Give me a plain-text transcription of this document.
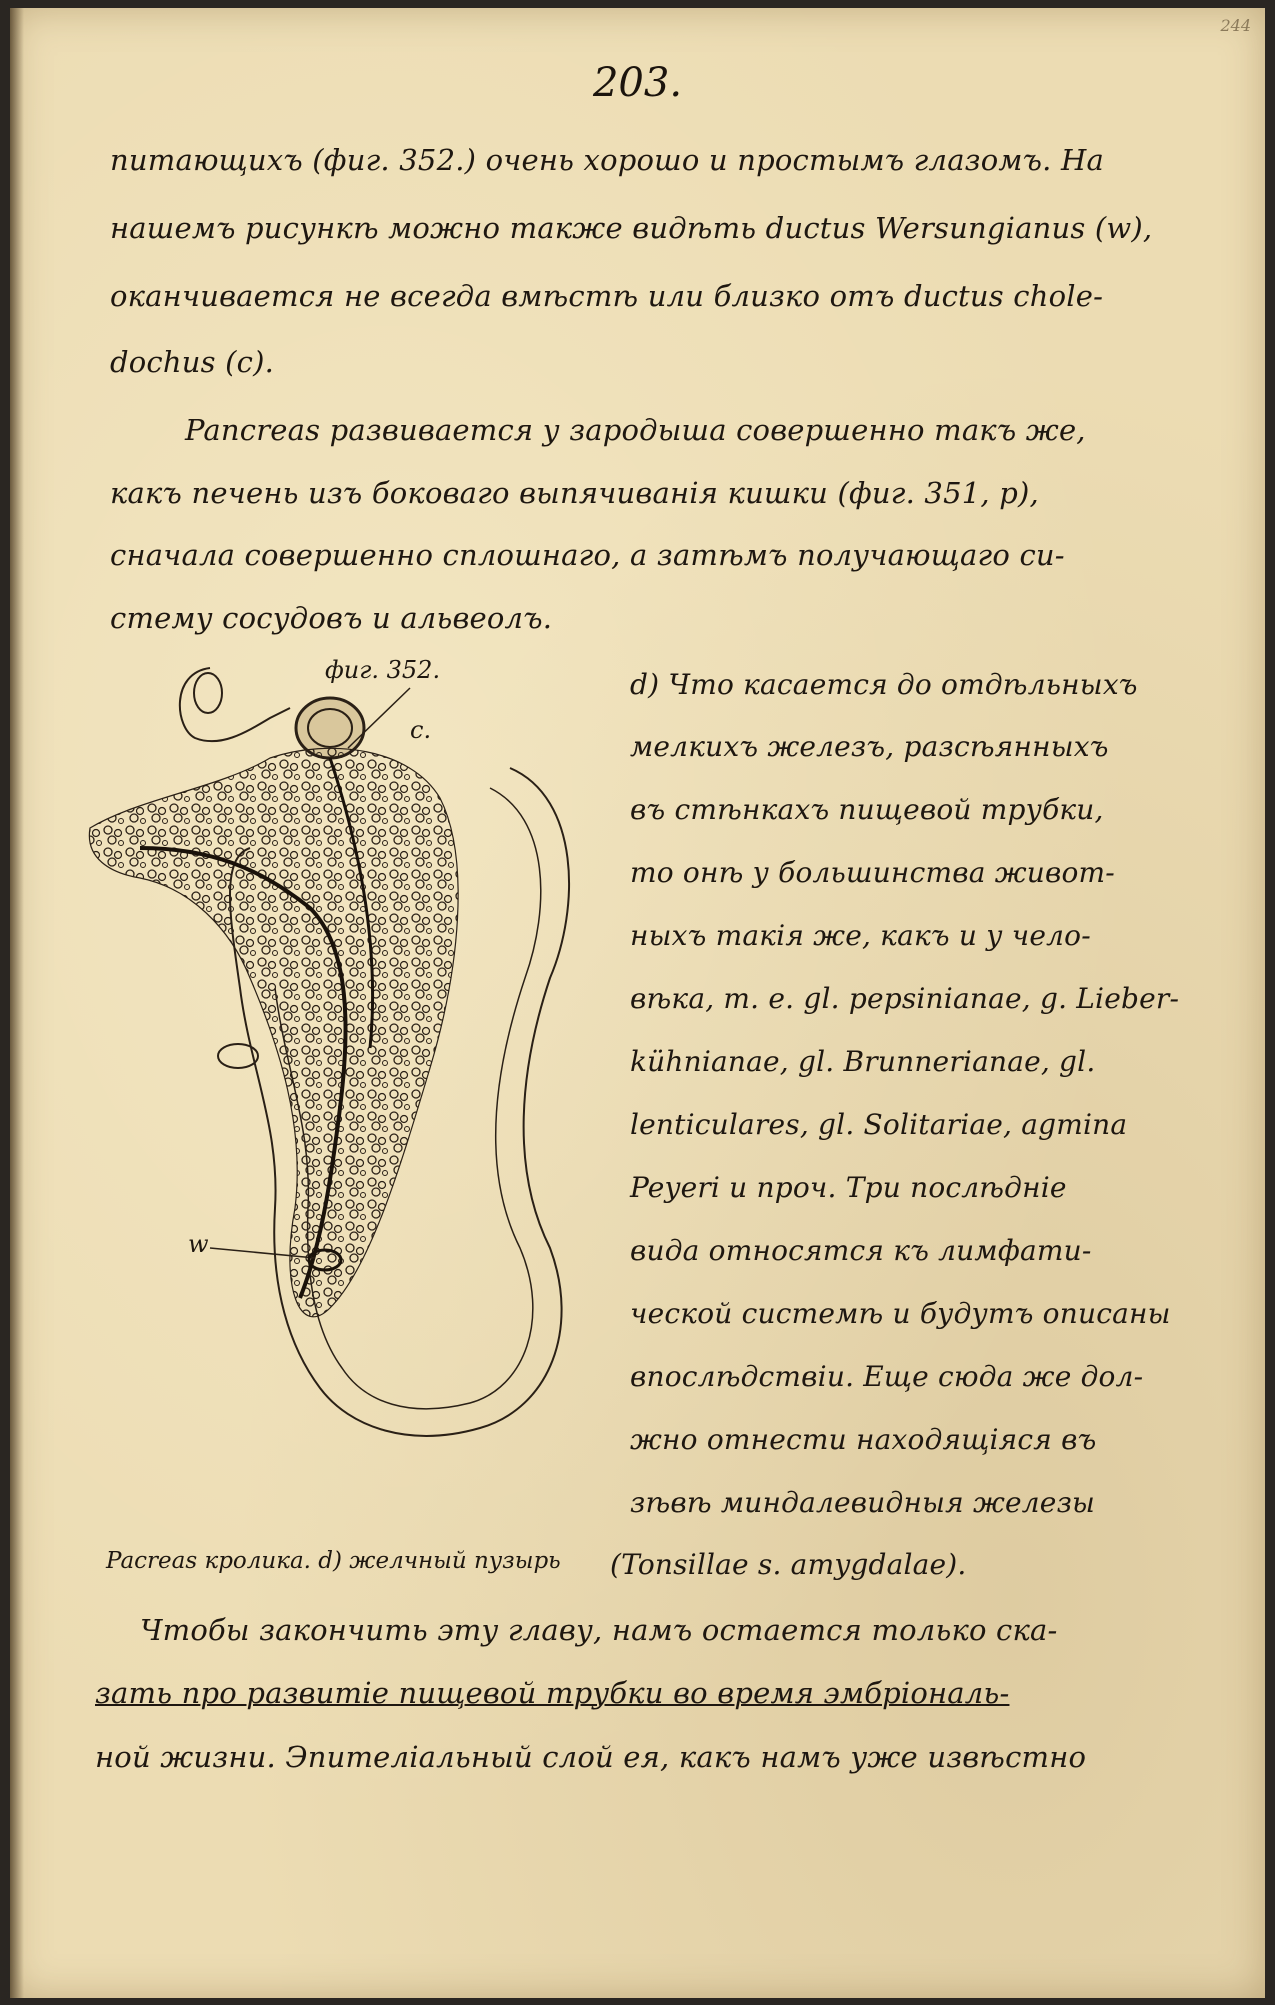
244
203.
питающихъ (фиг. 352.) очень хорошо и простымъ глазомъ. На
нашемъ рисункѣ можно также видѣть ductus Wersungianus (w),
оканчивается не всегда вмѣстѣ или близко отъ ductus chole-
dochus (c).
Pancreas развивается у зародыша совершенно такъ же,
какъ печень изъ боковаго выпячиванія кишки (фиг. 351, p),
сначала совершенно сплошнаго, а затѣмъ получающаго си-
стему сосудовъ и альвеолъ.
d) Что касается до отдѣльныхъ
мелкихъ железъ, разсѣянныхъ
въ стѣнкахъ пищевой трубки,
то онѣ у большинства живот-
ныхъ такія же, какъ и у чело-
вѣка, т. е. gl. pepsinianae, g. Lieber-
kühnianae, gl. Brunnerianae, gl.
lenticulares, gl. Solitariae, agmina
Peyeri и проч. Три послѣдніе
вида относятся къ лимфати-
ческой системѣ и будутъ описаны
впослѣдствіи. Еще сюда же дол-
жно отнести находящіяся въ
зѣвѣ миндалевидныя железы
(Tonsillae s. amygdalae).
фиг. 352.
c.
w
Pacreas кролика. d) желчный пузырь
Чтобы закончить эту главу, намъ остается только ска-
зать про развитіе пищевой трубки во время эмбріональ-
ной жизни. Эпителіальный слой ея, какъ намъ уже извѣстно
